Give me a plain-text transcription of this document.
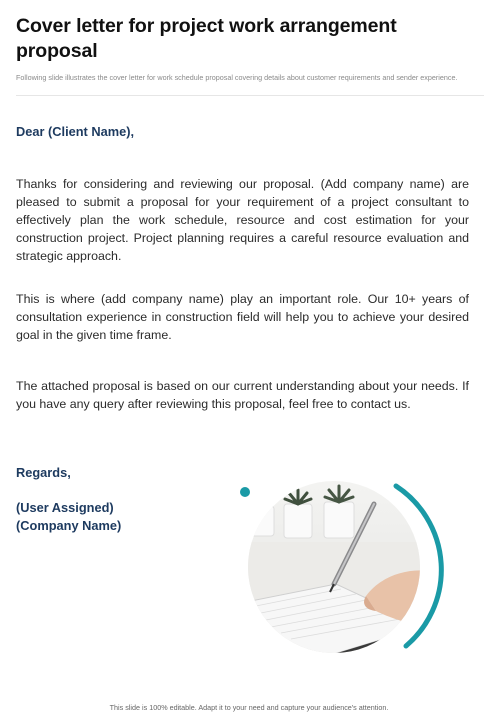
Cover letter for project work arrangement proposal
Following slide illustrates the cover letter for work schedule proposal covering details about customer requirements and sender experience.
Dear (Client Name),
Thanks for considering and reviewing our proposal. (Add company name) are pleased to submit a proposal for your requirement of a project consultant to effectively plan the work schedule, resource and cost estimation for your construction project. Project planning requires a careful resource evaluation and strategic approach.
This is where (add company name) play an important role. Our 10+ years of consultation experience in construction field will help you to achieve your desired goal in the given time frame.
The attached proposal is based on our current understanding about your needs. If you have any query after reviewing this proposal, feel free to contact us.
Regards,
(User Assigned)
(Company Name)
This slide is 100% editable. Adapt it to your need and capture your audience's attention.
